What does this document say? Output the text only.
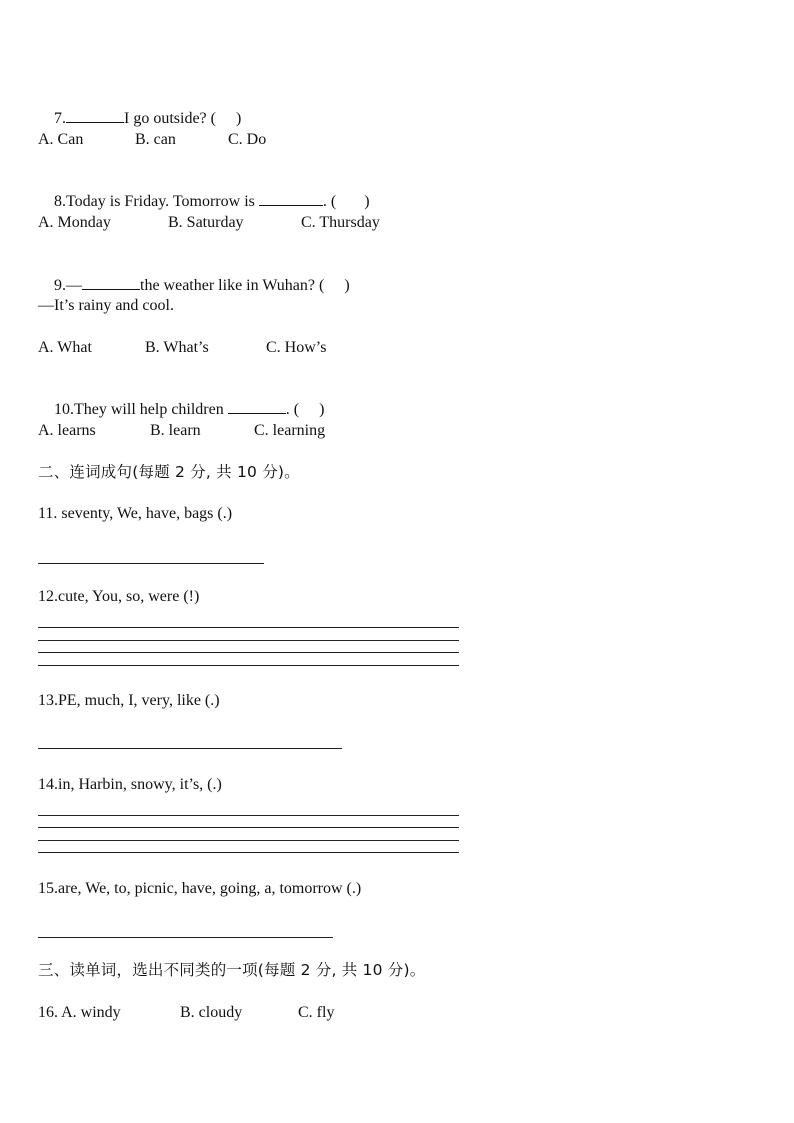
7.	I go outside? (     )

A. Can	B. can	C. Do

8.Today is Friday. Tomorrow is	. (       )

A. Monday	B. Saturday	C. Thursday

9.—	the weather like in Wuhan? (     )

—It’s rainy and cool.
A. What	B. What’s	C. How’s

10.They will help children	. (     )

A. learns	B. learn	C. learning
二、连词成句(每题 2 分, 共 10 分)。
11. seventy, We, have, bags (.)
12.cute, You, so, were (!)
13.PE, much, I, very, like (.)
14.in, Harbin, snowy, it’s, (.)
15.are, We, to, picnic, have, going, a, tomorrow (.)
三、读单词，选出不同类的一项(每题 2 分, 共 10 分)。
16. A. windy	B. cloudy	C. fly
